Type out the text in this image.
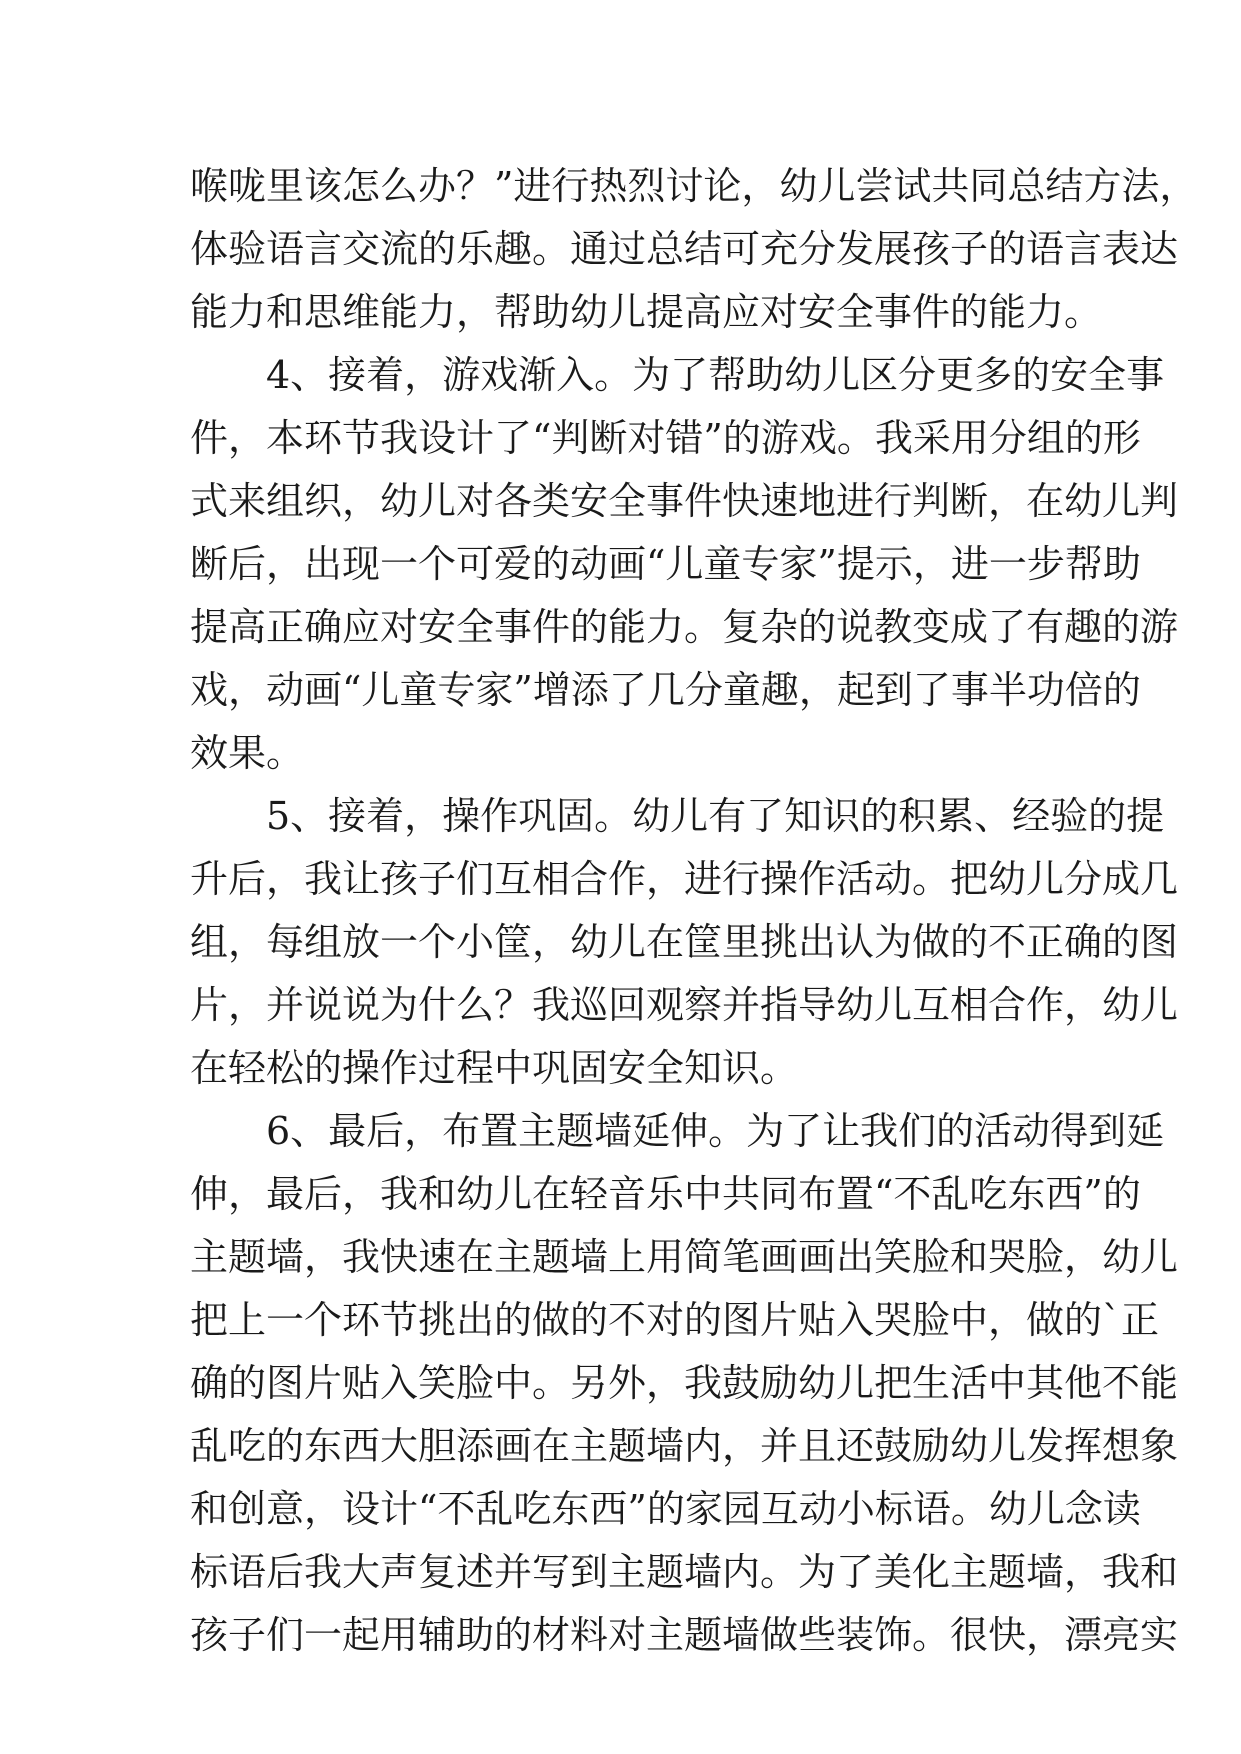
喉咙里该怎么办？”进行热烈讨论，幼儿尝试共同总结方法，
体验语言交流的乐趣。通过总结可充分发展孩子的语言表达
能力和思维能力，帮助幼儿提高应对安全事件的能力。
4、接着，游戏渐入。为了帮助幼儿区分更多的安全事
件，本环节我设计了“判断对错”的游戏。我采用分组的形
式来组织，幼儿对各类安全事件快速地进行判断，在幼儿判
断后，出现一个可爱的动画“儿童专家”提示，进一步帮助
提高正确应对安全事件的能力。复杂的说教变成了有趣的游
戏，动画“儿童专家”增添了几分童趣，起到了事半功倍的
效果。
5、接着，操作巩固。幼儿有了知识的积累、经验的提
升后，我让孩子们互相合作，进行操作活动。把幼儿分成几
组，每组放一个小筐，幼儿在筐里挑出认为做的不正确的图
片，并说说为什么？我巡回观察并指导幼儿互相合作，幼儿
在轻松的操作过程中巩固安全知识。
6、最后，布置主题墙延伸。为了让我们的活动得到延
伸，最后，我和幼儿在轻音乐中共同布置“不乱吃东西”的
主题墙，我快速在主题墙上用简笔画画出笑脸和哭脸，幼儿
把上一个环节挑出的做的不对的图片贴入哭脸中，做的`正
确的图片贴入笑脸中。另外，我鼓励幼儿把生活中其他不能
乱吃的东西大胆添画在主题墙内，并且还鼓励幼儿发挥想象
和创意，设计“不乱吃东西”的家园互动小标语。幼儿念读
标语后我大声复述并写到主题墙内。为了美化主题墙，我和
孩子们一起用辅助的材料对主题墙做些装饰。很快，漂亮实
